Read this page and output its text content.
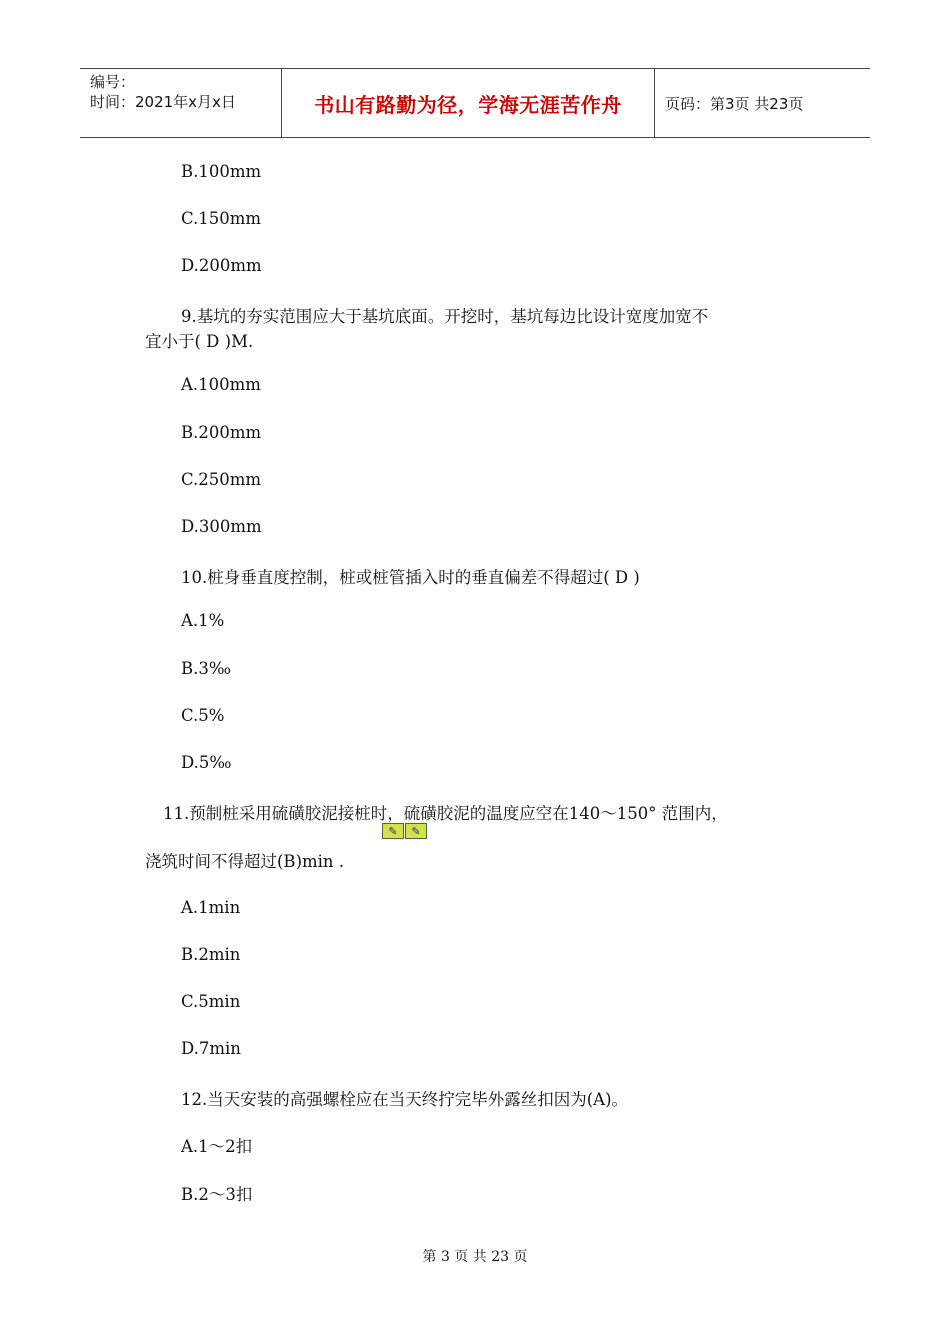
编号：
时间：2021年x月x日	书山有路勤为径，学海无涯苦作舟	页码：第3页 共23页
B.100mm
C.150mm
D.200mm
9.基坑的夯实范围应大于基坑底面。开挖时，基坑每边比设计宽度加宽不
宜小于( D )M.
A.100mm
B.200mm
C.250mm
D.300mm
10.桩身垂直度控制，桩或桩管插入时的垂直偏差不得超过( D )
A.1%
B.3‰
C.5%
D.5‰
11.预制桩采用硫磺胶泥接桩时，硫磺胶泥的温度应空在140～150° 范围内，
✎	✎
浇筑时间不得超过(B)min .
A.1min
B.2min
C.5min
D.7min
12.当天安装的高强螺栓应在当天终拧完毕外露丝扣因为(A)。
A.1～2扣
B.2～3扣
第 3 页 共 23 页
